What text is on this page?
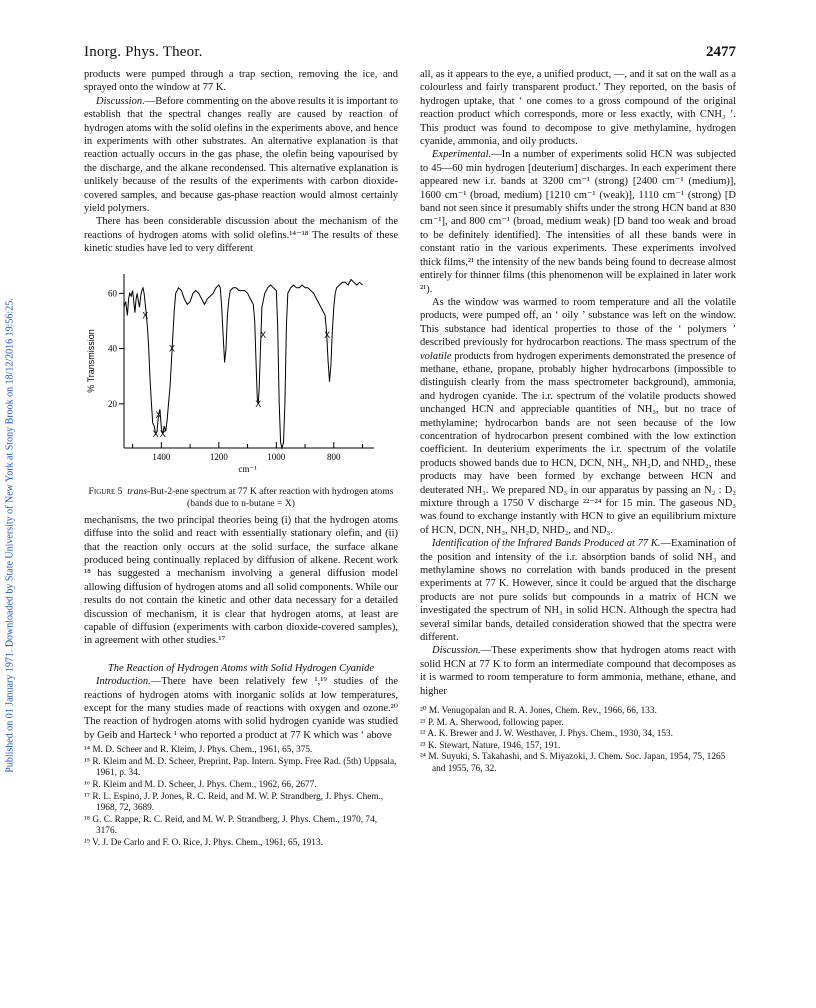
Inorg. Phys. Theor.	2477
Published on 01 January 1971. Downloaded by State University of New York at Stony Brook on 18/12/2016 19:56:25.

products were pumped through a trap section, removing the ice, and sprayed onto the window at 77 K.

Discussion.—Before commenting on the above results it is important to establish that the spectral changes really are caused by reaction of hydrogen atoms with the solid olefins in the experiments above, and hence in experiments with other substrates. An alternative explanation is that reaction actually occurs in the gas phase, the olefin being vapourised by the discharge, and the alkane recondensed. This alternative explanation is unlikely because of the results of the experiments with carbon dioxide-covered samples, and because gas-phase reaction would almost certainly yield polymers.

There has been considerable discussion about the mechanism of the reactions of hydrogen atoms with solid olefins.¹⁴⁻¹⁸ The results of these kinetic studies have led to very different

60
40
20
1400	1200	1000	800
cm⁻¹
% Transmission
X
X
X
X
X
X
X	X
Figure 5 trans-But-2-ene spectrum at 77 K after reaction with hydrogen atoms (bands due to n-butane = X)

mechanisms, the two principal theories being (i) that the hydrogen atoms diffuse into the solid and react with essentially stationary olefin, and (ii) that the reaction only occurs at the solid surface, the surface alkane produced being continually replaced by diffusion of alkene. Recent work ¹⁸ has suggested a mechanism involving a general diffusion model allowing diffusion of hydrogen atoms and all solid components. While our results do not contain the kinetic and other data necessary for a detailed discussion of mechanism, it is clear that hydrogen atoms, at least are capable of diffusion (experiments with carbon dioxide-covered samples), in agreement with other studies.¹⁷

The Reaction of Hydrogen Atoms with Solid Hydrogen Cyanide

Introduction.—There have been relatively few ¹,¹⁹ studies of the reactions of hydrogen atoms with inorganic solids at low temperatures, except for the many studies made of reactions with oxygen and ozone.²⁰ The reaction of hydrogen atoms with solid hydrogen cyanide was studied by Geib and Harteck ¹ who reported a product at 77 K which was ‘ above

¹⁴ M. D. Scheer and R. Kleim, J. Phys. Chem., 1961, 65, 375.

¹⁵ R. Kleim and M. D. Scheer, Preprint. Pap. Intern. Symp. Free Rad. (5th) Uppsala, 1961, p. 34.

¹⁶ R. Kleim and M. D. Scheer, J. Phys. Chem., 1962, 66, 2677.

¹⁷ R. L. Espino, J. P. Jones, R. C. Reid, and M. W. P. Strandberg, J. Phys. Chem., 1968, 72, 3689.

¹⁸ G. C. Rappe, R. C. Reid, and M. W. P. Strandberg, J. Phys. Chem., 1970, 74, 3176.

¹⁹ V. J. De Carlo and F. O. Rice, J. Phys. Chem., 1961, 65, 1913.

all, as it appears to the eye, a unified product, —, and it sat on the wall as a colourless and fairly transparent product.’ They reported, on the basis of hydrogen uptake, that ‘ one comes to a gross compound of the original reaction product which corresponds, more or less exactly, with CNH₃ ’. This product was found to decompose to give methylamine, hydrogen cyanide, ammonia, and oily products.

Experimental.—In a number of experiments solid HCN was subjected to 45—60 min hydrogen [deuterium] discharges. In each experiment there appeared new i.r. bands at 3200 cm⁻¹ (strong) [2400 cm⁻¹ (medium)], 1600 cm⁻¹ (broad, medium) [1210 cm⁻¹ (weak)], 1110 cm⁻¹ (strong) [D band not seen since it presumably shifts under the strong HCN band at 830 cm⁻¹], and 800 cm⁻¹ (broad, medium weak) [D band too weak and broad to be definitely identified]. The intensities of all these bands were in constant ratio in the various experiments. These experiments involved thick films,²¹ the intensity of the new bands being found to decrease almost entirely for thinner films (this phenomenon will be explained in later work ²¹).

As the window was warmed to room temperature and all the volatile products, were pumped off, an ‘ oily ’ substance was left on the window. This substance had identical properties to those of the ‘ polymers ’ described previously for hydrocarbon reactions. The mass spectrum of the volatile products from hydrogen experiments demonstrated the presence of methane, ethane, propane, probably higher hydrocarbons (impossible to distinguish clearly from the mass spectrometer background), ammonia, and hydrogen cyanide. The i.r. spectrum of the volatile products showed unchanged HCN and appreciable quantities of NH₃, but no trace of methylamine; hydrocarbon bands are not seen because of the low concentration of hydrocarbon present combined with the low extinction coefficient. In deuterium experiments the i.r. spectrum of the volatile products showed bands due to HCN, DCN, NH₃, NH₂D, and NHD₂, these products may have been formed by exchange between HCN and deuterated NH₃. We prepared ND₃ in our apparatus by passing an N₂ : D₂ mixture through a 1750 V discharge ²²⁻²⁴ for 15 min. The gaseous ND₃ was found to exchange instantly with HCN to give an equilibrium mixture of HCN, DCN, NH₃, NH₂D, NHD₂, and ND₃.

Identification of the Infrared Bands Produced at 77 K.—Examination of the position and intensity of the i.r. absorption bands of solid NH₃ and methylamine shows no correlation with bands produced in the present experiments at 77 K. However, since it could be argued that the discharge products are not pure solids but compounds in a matrix of HCN we investigated the spectrum of NH₃ in solid HCN. Although the spectra had several similar bands, detailed consideration showed that the spectra were different.

Discussion.—These experiments show that hydrogen atoms react with solid HCN at 77 K to form an intermediate compound that decomposes as it is warmed to room temperature to form ammonia, methane, ethane, and higher

²⁰ M. Venugopalan and R. A. Jones, Chem. Rev., 1966, 66, 133.

²¹ P. M. A. Sherwood, following paper.

²² A. K. Brewer and J. W. Westhaver, J. Phys. Chem., 1930, 34, 153.

²³ K. Stewart, Nature, 1946, 157, 191.

²⁴ M. Suyuki, S. Takahashi, and S. Miyazoki, J. Chem. Soc. Japan, 1954, 75, 1265 and 1955, 76, 32.
